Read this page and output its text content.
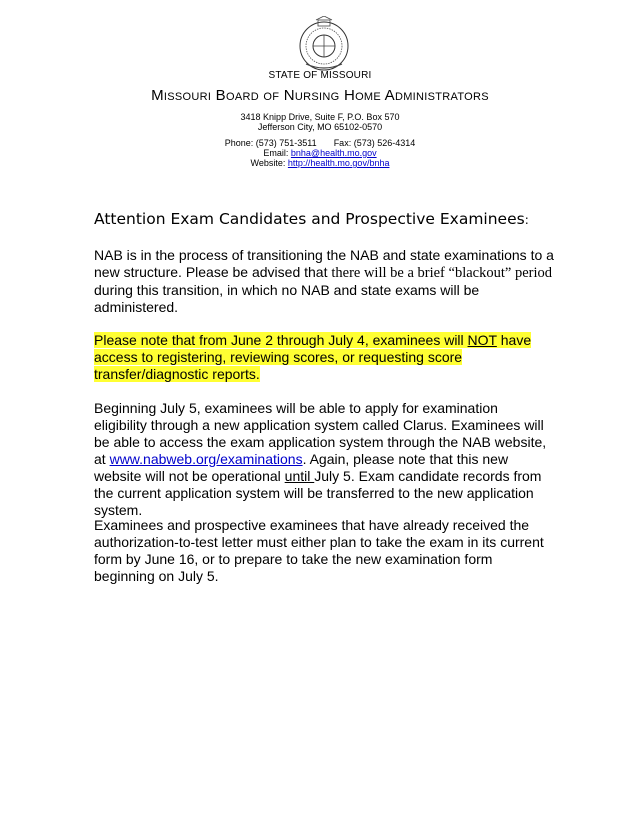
STATE OF MISSOURI
Missouri Board of Nursing Home Administrators
3418 Knipp Drive, Suite F, P.O. Box 570
Jefferson City, MO 65102-0570
Phone: (573) 751-3511 Fax: (573) 526-4314
Email: bnha@health.mo.gov
Website: http://health.mo.gov/bnha
Attention Exam Candidates and Prospective Examinees:

NAB is in the process of transitioning the NAB and state examinations to a new structure. Please be advised that there will be a brief “blackout” period during this transition, in which no NAB and state exams will be administered.

Please note that from June 2 through July 4, examinees will NOT have access to registering, reviewing scores, or requesting score transfer/diagnostic reports.

Beginning July 5, examinees will be able to apply for examination eligibility through a new application system called Clarus. Examinees will be able to access the exam application system through the NAB website, at www.nabweb.org/examinations. Again, please note that this new website will not be operational until July 5. Exam candidate records from the current application system will be transferred to the new application system.

Examinees and prospective examinees that have already received the authorization-to-test letter must either plan to take the exam in its current form by June 16, or to prepare to take the new examination form beginning on July 5.
